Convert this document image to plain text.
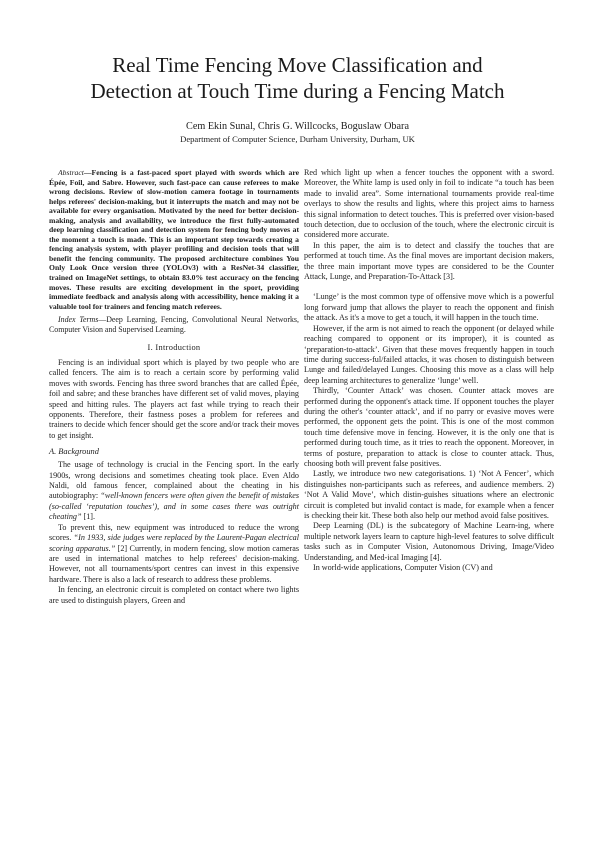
Real Time Fencing Move Classification and
Detection at Touch Time during a Fencing Match
Cem Ekin Sunal, Chris G. Willcocks, Boguslaw Obara
Department of Computer Science, Durham University, Durham, UK

Abstract—Fencing is a fast-paced sport played with swords which are Épée, Foil, and Sabre. However, such fast-pace can cause referees to make wrong decisions. Review of slow-motion camera footage in tournaments helps referees' decision-making, but it interrupts the match and may not be available for every organisation. Motivated by the need for better decision-making, analysis and availability, we introduce the first fully-automated deep learning classification and detection system for fencing body moves at the moment a touch is made. This is an important step towards creating a fencing analysis system, with player profiling and decision tools that will benefit the fencing community. The proposed architecture combines You Only Look Once version three (YOLOv3) with a ResNet-34 classifier, trained on ImageNet settings, to obtain 83.0% test accuracy on the fencing moves. These results are exciting development in the sport, providing immediate feedback and analysis along with accessibility, hence making it a valuable tool for trainers and fencing match referees.

Index Terms—Deep Learning, Fencing, Convolutional Neural Networks, Computer Vision and Supervised Learning.

I. Introduction

Fencing is an individual sport which is played by two people who are called fencers. The aim is to reach a certain score by performing valid moves with swords. Fencing has three sword branches that are called Épée, foil and sabre; and these branches have different set of valid moves, playing speed and hitting rules. The players act fast while trying to reach their opponents. Therefore, their fastness poses a problem for referees and trainers to decide which fencer should get the score and/or track their moves to get insight.

A. Background

The usage of technology is crucial in the Fencing sport. In the early 1900s, wrong decisions and sometimes cheating took place. Even Aldo Naldi, old famous fencer, complained about the cheating in his autobiography: “well-known fencers were often given the benefit of mistakes (so-called ‘reputation touches’), and in some cases there was outright cheating” [1].

To prevent this, new equipment was introduced to reduce the wrong scores. “In 1933, side judges were replaced by the Laurent-Pagan electrical scoring apparatus.” [2] Currently, in modern fencing, slow motion cameras are used in international matches to help referees' decision-making. However, not all tournaments/sport centres can invest in this expensive hardware. There is also a lack of research to address these problems.

In fencing, an electronic circuit is completed on contact where two lights are used to distinguish players, Green and

Red which light up when a fencer touches the opponent with a sword. Moreover, the White lamp is used only in foil to indicate “a touch has been made to invalid area”. Some international tournaments provide real-time overlays to show the results and lights, where this project aims to harness this signal information to detect touches. This is preferred over vision-based touch detection, due to occlusion of the touch, where the electronic circuit is considered more accurate.

In this paper, the aim is to detect and classify the touches that are performed at touch time. As the final moves are important decision makers, the three main important move types are considered to be the Counter Attack, Lunge, and Preparation-To-Attack [3].

‘Lunge’ is the most common type of offensive move which is a powerful long forward jump that allows the player to reach the opponent and finish the attack. As it's a move to get a touch, it will happen in the touch time.

However, if the arm is not aimed to reach the opponent (or delayed while reaching compared to opponent or its improper), it is counted as ‘preparation-to-attack’. Given that these moves frequently happen in touch time during success-ful/failed attacks, it was chosen to distinguish between Lunge and failed/delayed Lunges. Choosing this move as a class will help deep learning architectures to generalize ‘lunge’ well.

Thirdly, ‘Counter Attack’ was chosen. Counter attack moves are performed during the opponent's attack time. If opponent touches the player during the other's ‘counter attack’, and if no parry or evasive moves were performed, the opponent gets the point. This is one of the most common touch time defensive move in fencing. However, it is the only one that is performed during touch time, as it tries to reach the opponent. Moreover, in terms of posture, preparation to attack is close to counter attack. Thus, choosing both will prevent false positives.

Lastly, we introduce two new categorisations. 1) ‘Not A Fencer’, which distinguishes non-participants such as referees, and audience members. 2) ‘Not A Valid Move’, which distin-guishes situations where an electronic circuit is completed but invalid contact is made, for example when a fencer is checking their kit. These both also help our method avoid false positives.

Deep Learning (DL) is the subcategory of Machine Learn-ing, where multiple network layers learn to capture high-level features to solve difficult tasks such as in Computer Vision, Autonomous Driving, Image/Video Understanding, and Med-ical Imaging [4].

In world-wide applications, Computer Vision (CV) and
